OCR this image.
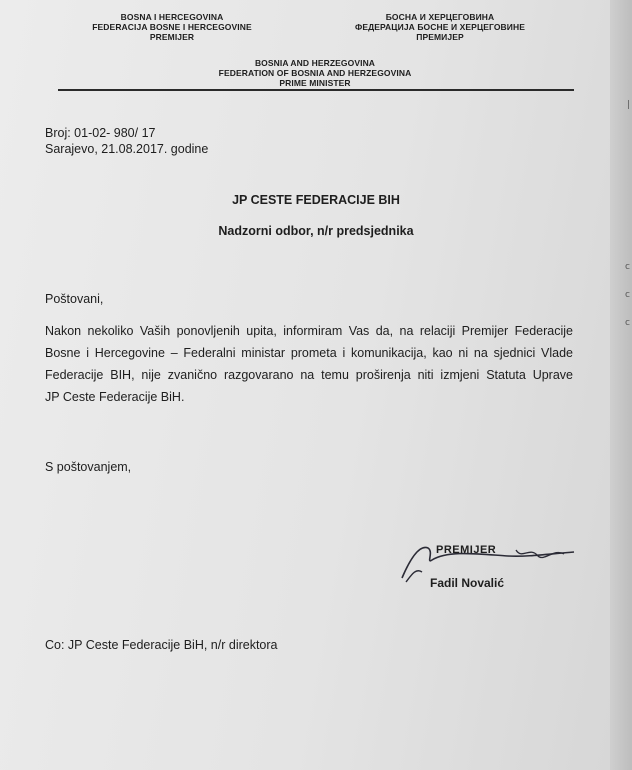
|
c
c
c
BOSNA I HERCEGOVINA
FEDERACIJA BOSNE I HERCEGOVINE
PREMIJER
БОСНА И ХЕРЦЕГОВИНА
ФЕДЕРАЦИЈА БОСНЕ И ХЕРЦЕГОВИНЕ
ПРЕМИЈЕР
BOSNIA AND HERZEGOVINA
FEDERATION OF BOSNIA AND HERZEGOVINA
PRIME MINISTER
Broj: 01-02- 980/ 17
Sarajevo, 21.08.2017. godine
JP CESTE FEDERACIJE BIH
Nadzorni odbor, n/r predsjednika
Poštovani,
Nakon nekoliko Vaših ponovljenih upita, informiram Vas da, na relaciji Premijer Federacije
Bosne i Hercegovine – Federalni ministar prometa i komunikacija, kao ni na sjednici Vlade
Federacije BIH, nije zvanično razgovarano na temu proširenja niti izmjeni Statuta Uprave
JP Ceste Federacije BiH.
S poštovanjem,
PREMIJER
Fadil Novalić
Co: JP Ceste Federacije BiH, n/r direktora
